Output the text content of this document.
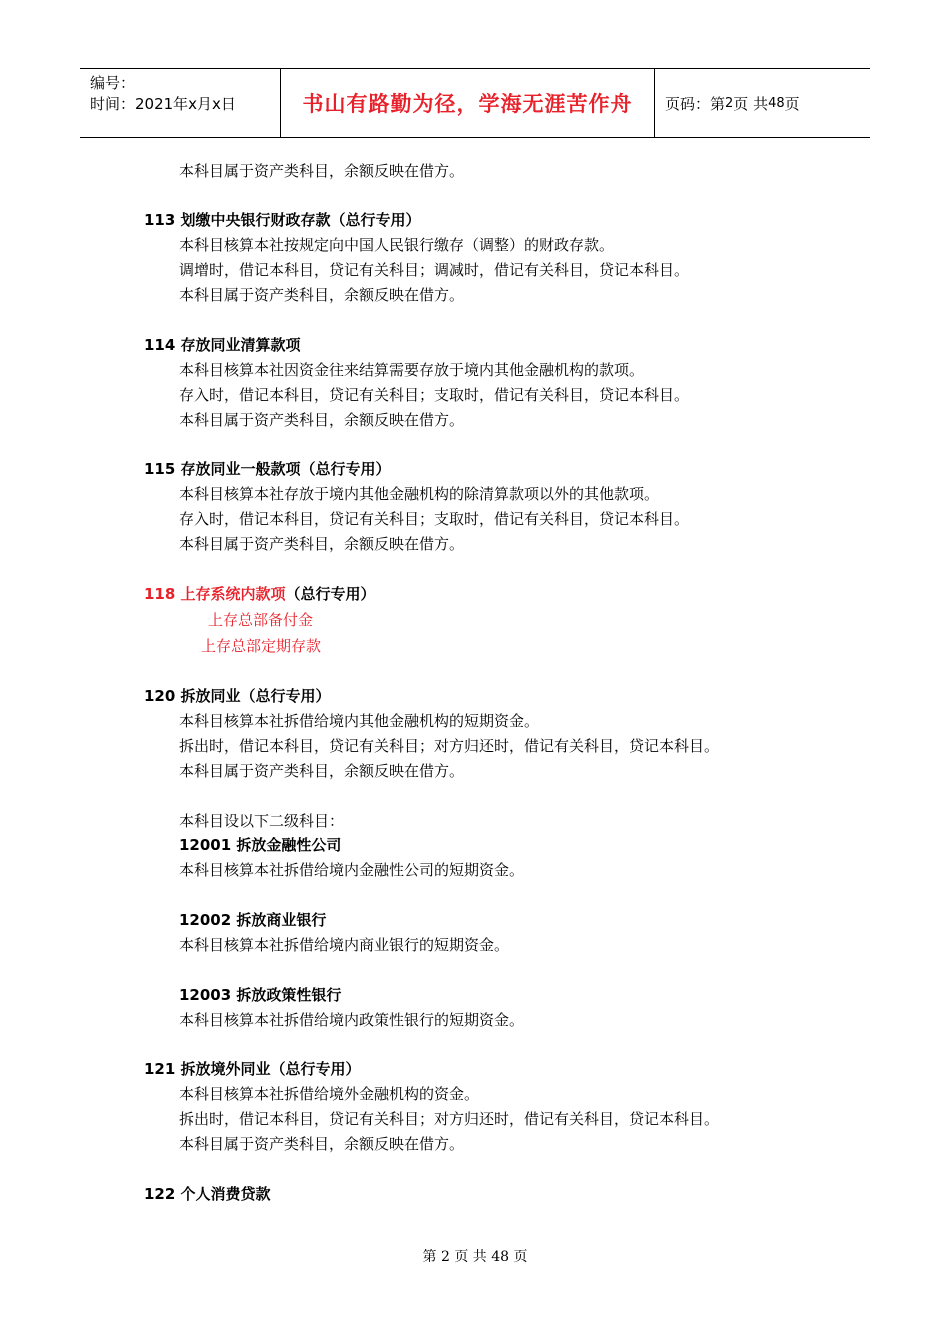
编号：
时间：2021年x月x日	书山有路勤为径，学海无涯苦作舟	页码：第 2 页 共 48 页
本科目属于资产类科目，余额反映在借方。
113 划缴中央银行财政存款（总行专用）
本科目核算本社按规定向中国人民银行缴存（调整）的财政存款。
调增时，借记本科目，贷记有关科目；调减时，借记有关科目，贷记本科目。
本科目属于资产类科目，余额反映在借方。
114 存放同业清算款项
本科目核算本社因资金往来结算需要存放于境内其他金融机构的款项。
存入时，借记本科目，贷记有关科目；支取时，借记有关科目，贷记本科目。
本科目属于资产类科目，余额反映在借方。
115 存放同业一般款项（总行专用）
本科目核算本社存放于境内其他金融机构的除清算款项以外的其他款项。
存入时，借记本科目，贷记有关科目；支取时，借记有关科目，贷记本科目。
本科目属于资产类科目，余额反映在借方。
118 上存系统内款项（总行专用）
上存总部备付金
上存总部定期存款
120 拆放同业（总行专用）
本科目核算本社拆借给境内其他金融机构的短期资金。
拆出时，借记本科目，贷记有关科目；对方归还时，借记有关科目，贷记本科目。
本科目属于资产类科目，余额反映在借方。
本科目设以下二级科目：
12001 拆放金融性公司
本科目核算本社拆借给境内金融性公司的短期资金。
12002 拆放商业银行
本科目核算本社拆借给境内商业银行的短期资金。
12003 拆放政策性银行
本科目核算本社拆借给境内政策性银行的短期资金。
121 拆放境外同业（总行专用）
本科目核算本社拆借给境外金融机构的资金。
拆出时，借记本科目，贷记有关科目；对方归还时，借记有关科目，贷记本科目。
本科目属于资产类科目，余额反映在借方。
122 个人消费贷款
第 2 页 共 48 页
